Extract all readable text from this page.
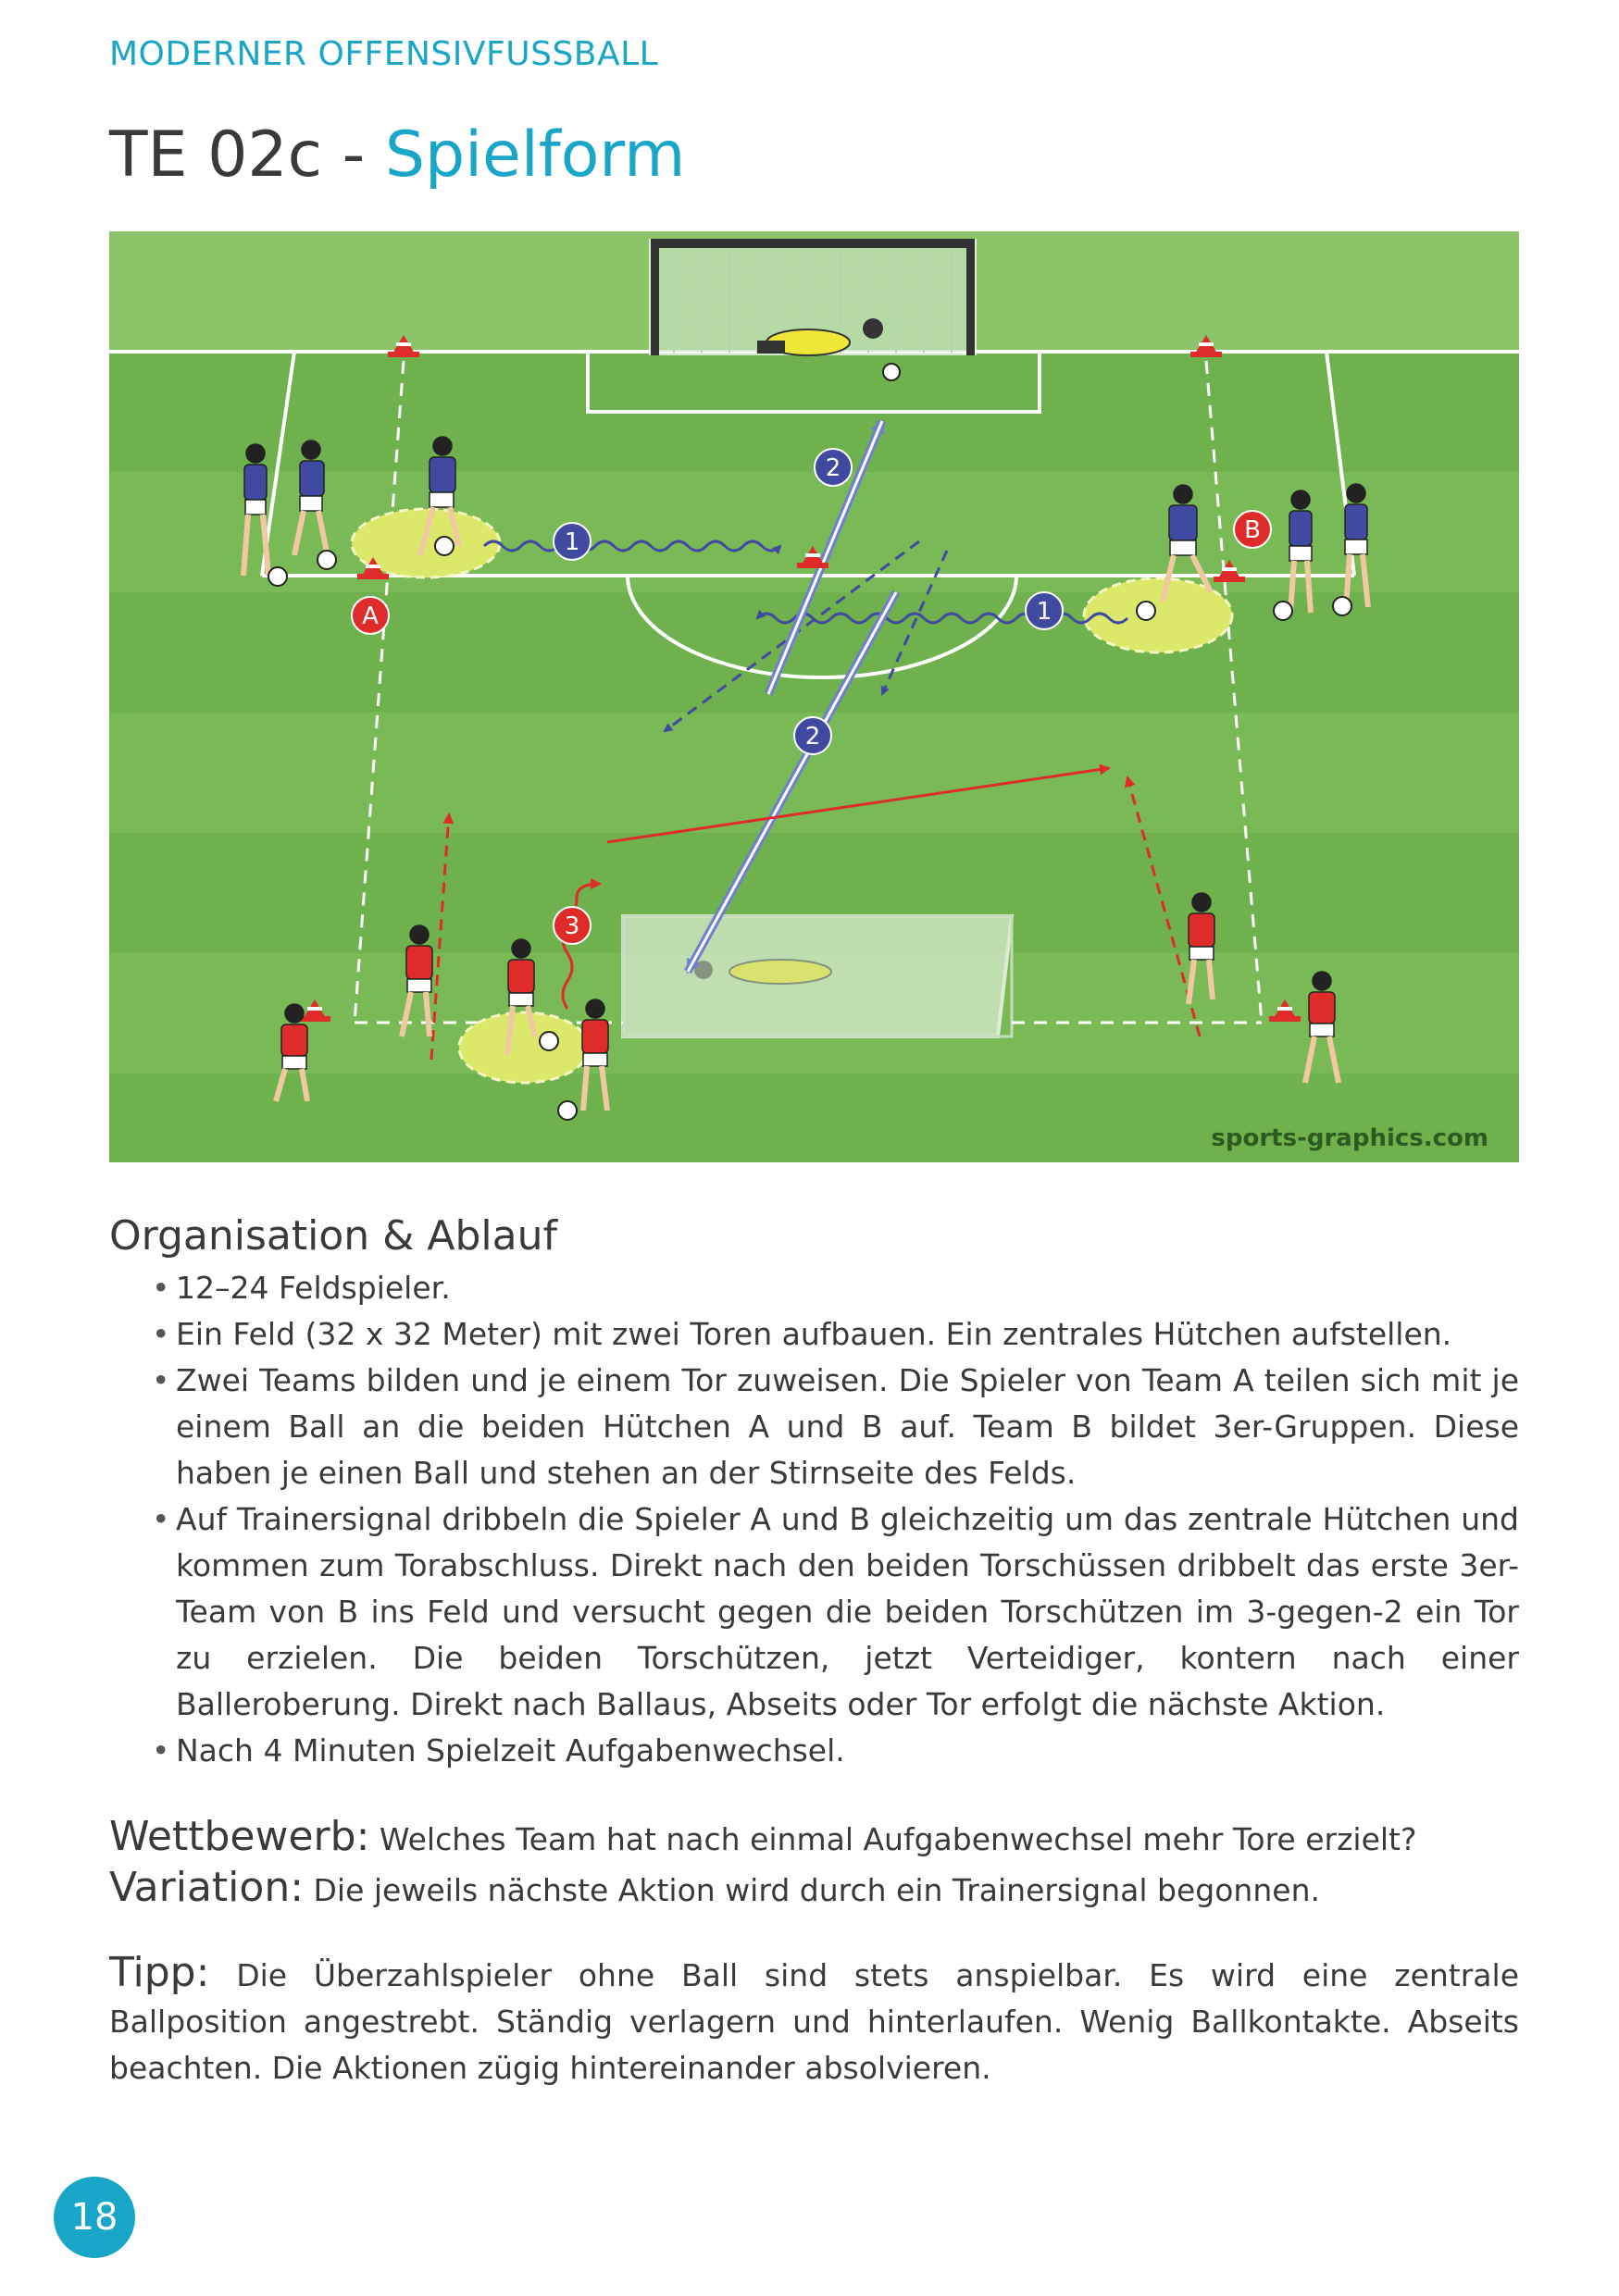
MODERNER OFFENSIVFUSSBALL
TE 02c - Spielform
1
1
2
2
3
A
B
sports-graphics.com
Organisation & Ablauf
• 12–24 Feldspieler.
• Ein Feld (32 x 32 Meter) mit zwei Toren aufbauen. Ein zentrales Hütchen aufstellen.
• Zwei Teams bilden und je einem Tor zuweisen. Die Spieler von Team A teilen sich mit je einem Ball an die beiden Hütchen A und B auf. Team B bildet 3er-Gruppen. Diese haben je einen Ball und stehen an der Stirnseite des Felds.
• Auf Trainersignal dribbeln die Spieler A und B gleichzeitig um das zentrale Hütchen und kommen zum Torabschluss. Direkt nach den beiden Torschüssen dribbelt das erste 3er-Team von B ins Feld und versucht gegen die beiden Torschützen im 3-gegen-2 ein Tor zu erzielen. Die beiden Torschützen, jetzt Verteidiger, kontern nach einer Balleroberung. Direkt nach Ballaus, Abseits oder Tor erfolgt die nächste Aktion.
• Nach 4 Minuten Spielzeit Aufgabenwechsel.
Wettbewerb: Welches Team hat nach einmal Aufgabenwechsel mehr Tore erzielt?
Variation: Die jeweils nächste Aktion wird durch ein Trainersignal begonnen.
Tipp: Die Überzahlspieler ohne Ball sind stets anspielbar. Es wird eine zentrale Ballposition angestrebt. Ständig verlagern und hinterlaufen. Wenig Ballkontakte. Abseits beachten. Die Aktionen zügig hintereinander absolvieren.
18
